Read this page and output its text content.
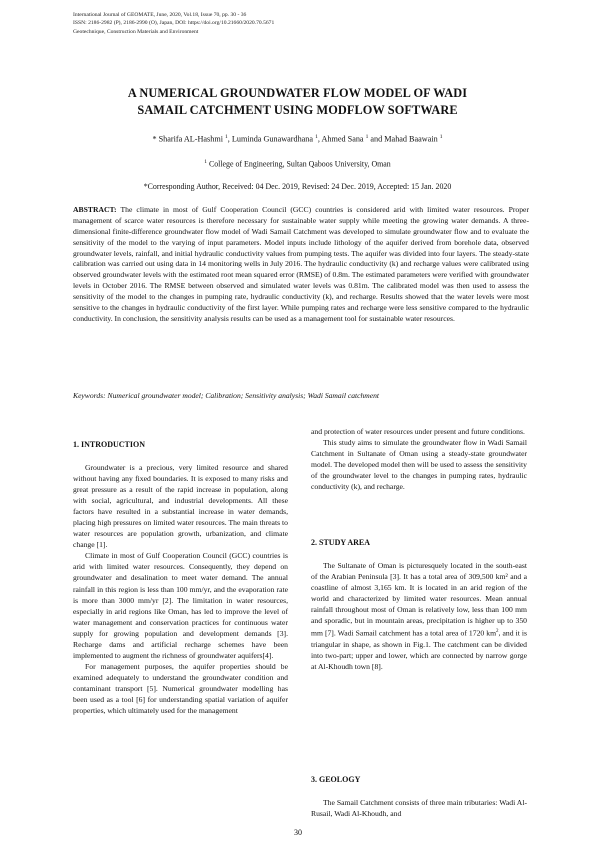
International Journal of GEOMATE, June, 2020, Vol.18, Issue 70, pp. 30 - 36
ISSN: 2186-2982 (P), 2186-2990 (O), Japan, DOI: https://doi.org/10.21660/2020.70.5671
Geotechnique, Construction Materials and Environment
A NUMERICAL GROUNDWATER FLOW MODEL OF WADI
SAMAIL CATCHMENT USING MODFLOW SOFTWARE
* Sharifa AL-Hashmi $^1$, Luminda Gunawardhana $^1$, Ahmed Sana $^1$ and Mahad Baawain $^1$
$^1$ College of Engineering, Sultan Qaboos University, Oman
*Corresponding Author, Received: 04 Dec. 2019, Revised: 24 Dec. 2019, Accepted: 15 Jan. 2020
ABSTRACT: The climate in most of Gulf Cooperation Council (GCC) countries is considered arid with limited water resources. Proper management of scarce water resources is therefore necessary for sustainable water supply while meeting the growing water demands. A three-dimensional finite-difference groundwater flow model of Wadi Samail Catchment was developed to simulate groundwater flow and to evaluate the sensitivity of the model to the varying of input parameters. Model inputs include lithology of the aquifer derived from borehole data, observed groundwater levels, rainfall, and initial hydraulic conductivity values from pumping tests. The aquifer was divided into four layers. The steady-state calibration was carried out using data in 14 monitoring wells in July 2016. The hydraulic conductivity (k) and recharge values were calibrated using observed groundwater levels with the estimated root mean squared error (RMSE) of 0.8m. The estimated parameters were verified with groundwater levels in October 2016. The RMSE between observed and simulated water levels was 0.81m. The calibrated model was then used to assess the sensitivity of the model to the changes in pumping rate, hydraulic conductivity (k), and recharge. Results showed that the water levels were most sensitive to the changes in hydraulic conductivity of the first layer. While pumping rates and recharge were less sensitive compared to the hydraulic conductivity. In conclusion, the sensitivity analysis results can be used as a management tool for sustainable water resources.
Keywords: Numerical groundwater model; Calibration; Sensitivity analysis; Wadi Samail catchment
1. INTRODUCTION

Groundwater is a precious, very limited resource and shared without having any fixed boundaries. It is exposed to many risks and great pressure as a result of the rapid increase in population, along with social, agricultural, and industrial developments. All these factors have resulted in a substantial increase in water demands, placing high pressures on limited water resources. The main threats to water resources are population growth, urbanization, and climate change [1].

Climate in most of Gulf Cooperation Council (GCC) countries is arid with limited water resources. Consequently, they depend on groundwater and desalination to meet water demand. The annual rainfall in this region is less than 100 mm/yr, and the evaporation rate is more than 3000 mm/yr [2]. The limitation in water resources, especially in arid regions like Oman, has led to improve the level of water management and conservation practices for continuous water supply for growing population and development demands [3]. Recharge dams and artificial recharge schemes have been implemented to augment the richness of groundwater aquifers[4].

For management purposes, the aquifer properties should be examined adequately to understand the groundwater condition and contaminant transport [5]. Numerical groundwater modelling has been used as a tool [6] for understanding spatial variation of aquifer properties, which ultimately used for the management

and protection of water resources under present and future conditions.

This study aims to simulate the groundwater flow in Wadi Samail Catchment in Sultanate of Oman using a steady-state groundwater model. The developed model then will be used to assess the sensitivity of the groundwater level to the changes in pumping rates, hydraulic conductivity (k), and recharge.

2. STUDY AREA

The Sultanate of Oman is picturesquely located in the south-east of the Arabian Peninsula [3]. It has a total area of 309,500 km² and a coastline of almost 3,165 km. It is located in an arid region of the world and characterized by limited water resources. Mean annual rainfall throughout most of Oman is relatively low, less than 100 mm and sporadic, but in mountain areas, precipitation is higher up to 350 mm [7]. Wadi Samail catchment has a total area of 1720 $km^2$, and it is triangular in shape, as shown in Fig.1. The catchment can be divided into two-part; upper and lower, which are connected by narrow gorge at Al-Khoudh town [8].

3. GEOLOGY

The Samail Catchment consists of three main tributaries: Wadi Al-Rusail, Wadi Al-Khoudh, and

30
